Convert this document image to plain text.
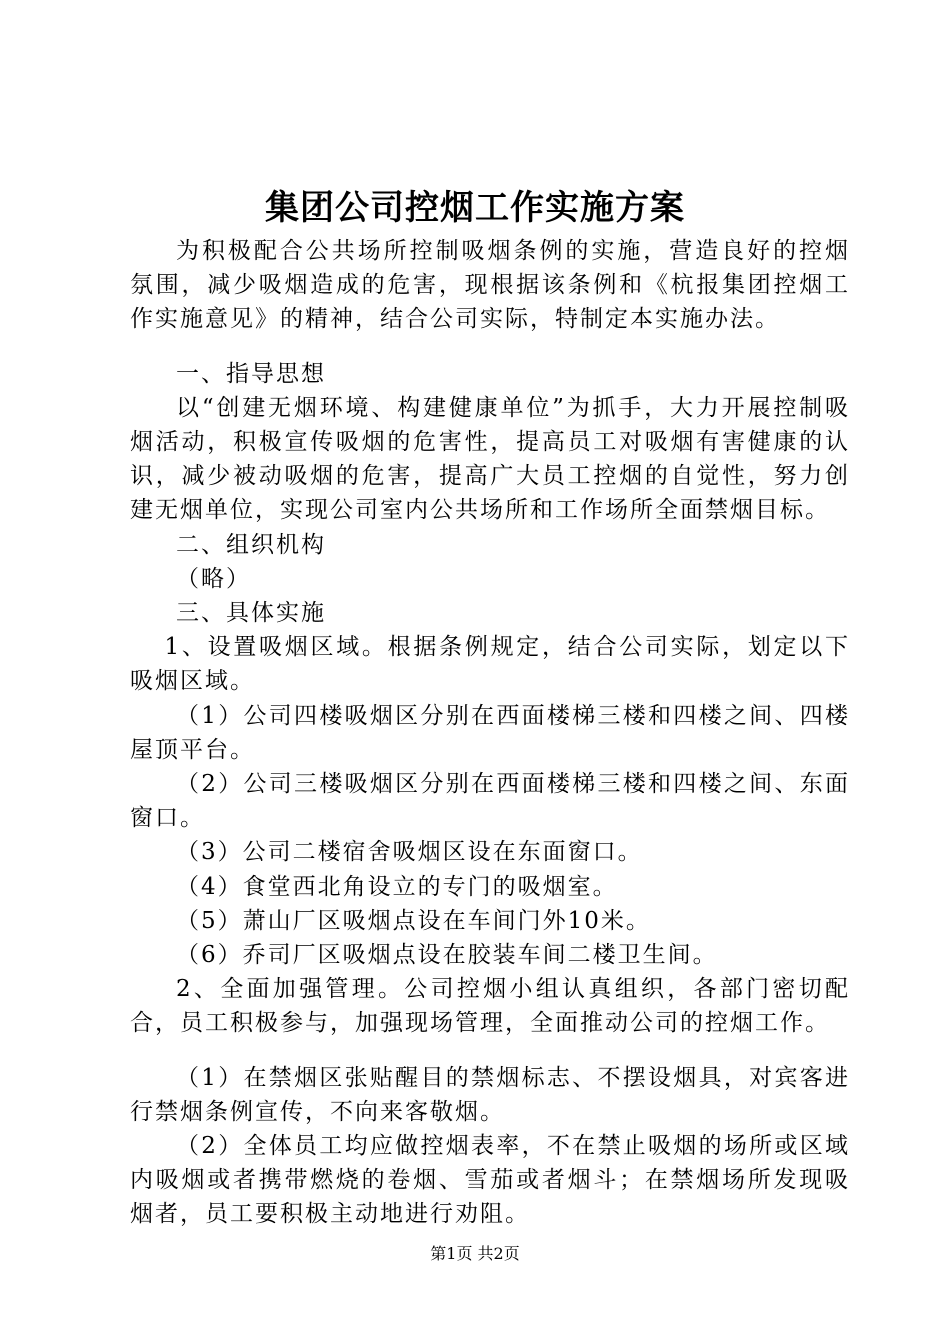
集团公司控烟工作实施方案

为积极配合公共场所控制吸烟条例的实施，营造良好的控烟氛围，减少吸烟造成的危害，现根据该条例和《杭报集团控烟工作实施意见》的精神，结合公司实际，特制定本实施办法。

一、指导思想

以“创建无烟环境、构建健康单位”为抓手，大力开展控制吸烟活动，积极宣传吸烟的危害性，提高员工对吸烟有害健康的认识，减少被动吸烟的危害，提高广大员工控烟的自觉性，努力创建无烟单位，实现公司室内公共场所和工作场所全面禁烟目标。

二、组织机构

（略）

三、具体实施

1、设置吸烟区域。根据条例规定，结合公司实际，划定以下吸烟区域。

（1）公司四楼吸烟区分别在西面楼梯三楼和四楼之间、四楼屋顶平台。

（2）公司三楼吸烟区分别在西面楼梯三楼和四楼之间、东面窗口。

（3）公司二楼宿舍吸烟区设在东面窗口。

（4）食堂西北角设立的专门的吸烟室。

（5）萧山厂区吸烟点设在车间门外10米。

（6）乔司厂区吸烟点设在胶装车间二楼卫生间。

2、全面加强管理。公司控烟小组认真组织，各部门密切配合，员工积极参与，加强现场管理，全面推动公司的控烟工作。

（1）在禁烟区张贴醒目的禁烟标志、不摆设烟具，对宾客进行禁烟条例宣传，不向来客敬烟。

（2）全体员工均应做控烟表率，不在禁止吸烟的场所或区域内吸烟或者携带燃烧的卷烟、雪茄或者烟斗；在禁烟场所发现吸烟者，员工要积极主动地进行劝阻。

第1页 共2页
